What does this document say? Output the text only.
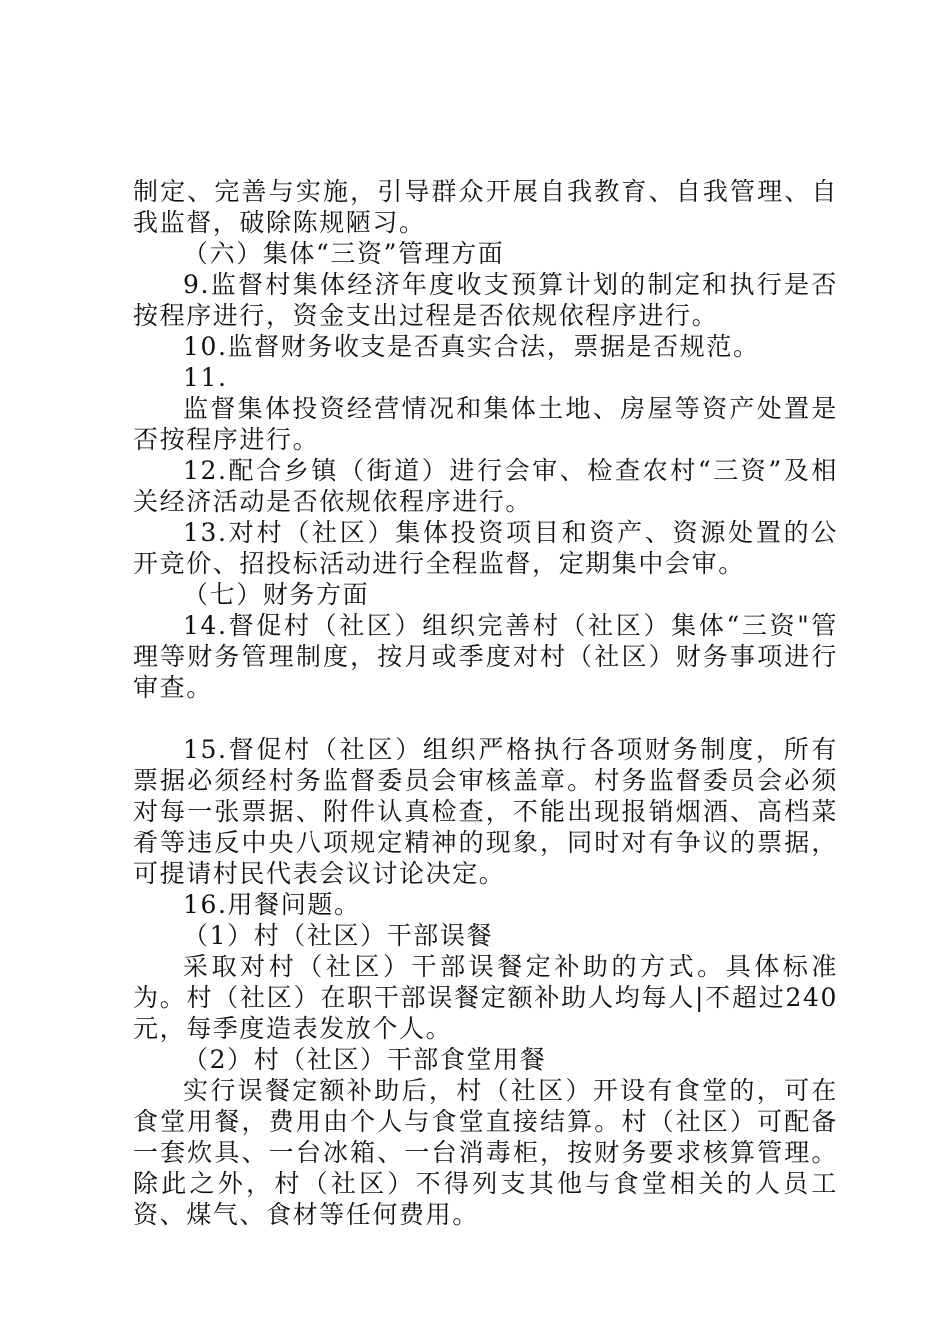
制定、完善与实施，引导群众开展自我教育、自我管理、自我监督，破除陈规陋习。

（六）集体“三资”管理方面

9.监督村集体经济年度收支预算计划的制定和执行是否按程序进行，资金支出过程是否依规依程序进行。

10.监督财务收支是否真实合法，票据是否规范。

11.

监督集体投资经营情况和集体土地、房屋等资产处置是否按程序进行。

12.配合乡镇（街道）进行会审、检查农村“三资”及相关经济活动是否依规依程序进行。

13.对村（社区）集体投资项目和资产、资源处置的公开竞价、招投标活动进行全程监督，定期集中会审。

（七）财务方面

14.督促村（社区）组织完善村（社区）集体“三资"管理等财务管理制度，按月或季度对村（社区）财务事项进行审查。

15.督促村（社区）组织严格执行各项财务制度，所有票据必须经村务监督委员会审核盖章。村务监督委员会必须对每一张票据、附件认真检查，不能出现报销烟酒、高档菜肴等违反中央八项规定精神的现象，同时对有争议的票据，可提请村民代表会议讨论决定。

16.用餐问题。

（1）村（社区）干部误餐

采取对村（社区）干部误餐定补助的方式。具体标准为。村（社区）在职干部误餐定额补助人均每人|不超过240元，每季度造表发放个人。

（2）村（社区）干部食堂用餐

实行误餐定额补助后，村（社区）开设有食堂的，可在食堂用餐，费用由个人与食堂直接结算。村（社区）可配备一套炊具、一台冰箱、一台消毒柜，按财务要求核算管理。除此之外，村（社区）不得列支其他与食堂相关的人员工资、煤气、食材等任何费用。
